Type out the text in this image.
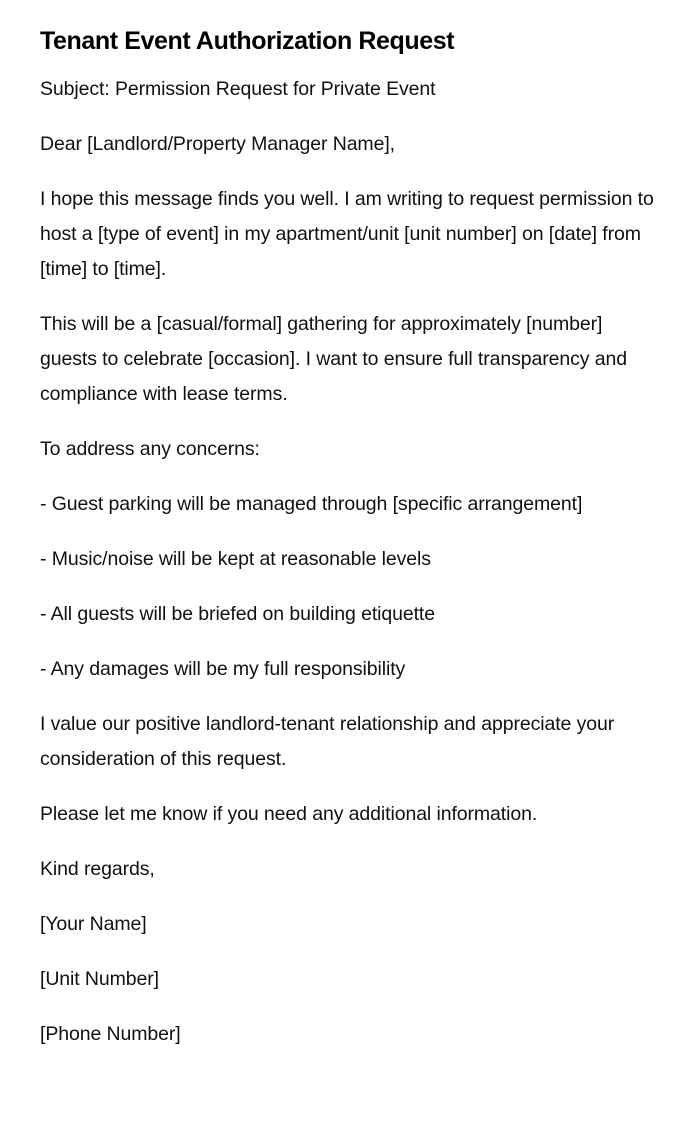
Tenant Event Authorization Request

Subject: Permission Request for Private Event

Dear [Landlord/Property Manager Name],

I hope this message finds you well. I am writing to request permission to host a [type of event] in my apartment/unit [unit number] on [date] from [time] to [time].

This will be a [casual/formal] gathering for approximately [number] guests to celebrate [occasion]. I want to ensure full transparency and compliance with lease terms.

To address any concerns:

- Guest parking will be managed through [specific arrangement]

- Music/noise will be kept at reasonable levels

- All guests will be briefed on building etiquette

- Any damages will be my full responsibility

I value our positive landlord-tenant relationship and appreciate your consideration of this request.

Please let me know if you need any additional information.

Kind regards,

[Your Name]

[Unit Number]

[Phone Number]
